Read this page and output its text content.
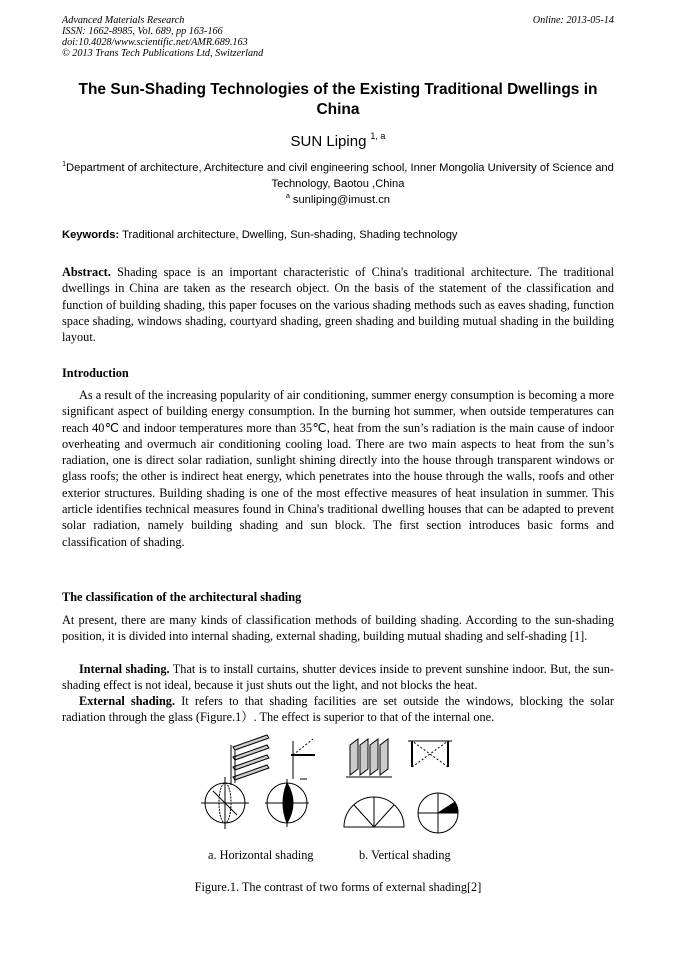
Advanced Materials Research
ISSN: 1662-8985, Vol. 689, pp 163-166
doi:10.4028/www.scientific.net/AMR.689.163
© 2013 Trans Tech Publications Ltd, Switzerland
Online: 2013-05-14
The Sun-Shading Technologies of the Existing Traditional Dwellings in China
SUN Liping $^{1, a}$
$^1$Department of architecture, Architecture and civil engineering school, Inner Mongolia University of Science and Technology, Baotou ,China
$^a$ sunliping@imust.cn
Keywords: Traditional architecture, Dwelling, Sun-shading, Shading technology

Abstract. Shading space is an important characteristic of China's traditional architecture. The traditional dwellings in China are taken as the research object. On the basis of the statement of the classification and function of building shading, this paper focuses on the various shading methods such as eaves shading, function space shading, windows shading, courtyard shading, green shading and building mutual shading in the building layout.

Introduction

As a result of the increasing popularity of air conditioning, summer energy consumption is becoming a more significant aspect of building energy consumption. In the burning hot summer, when outside temperatures can reach 40℃ and indoor temperatures more than 35℃, heat from the sun’s radiation is the main cause of indoor overheating and overmuch air conditioning cooling load. There are two main aspects to heat from the sun’s radiation, one is direct solar radiation, sunlight shining directly into the house through transparent windows or glass roofs; the other is indirect heat energy, which penetrates into the house through the walls, roofs and other exterior structures. Building shading is one of the most effective measures of heat insulation in summer. This article identifies technical measures found in China's traditional dwelling houses that can be adapted to prevent solar radiation, namely building shading and sun block. The first section introduces basic forms and classification of shading.

The classification of the architectural shading

At present, there are many kinds of classification methods of building shading. According to the sun-shading position, it is divided into internal shading, external shading, building mutual shading and self-shading [1].

Internal shading. That is to install curtains, shutter devices inside to prevent sunshine indoor. But, the sun-shading effect is not ideal, because it just shuts out the light, and not blocks the heat.

External shading. It refers to that shading facilities are set outside the windows, blocking the solar radiation through the glass (Figure.1）. The effect is superior to that of the internal one.

a. Horizontal shading	b. Vertical shading
Figure.1. The contrast of two forms of external shading[2]
